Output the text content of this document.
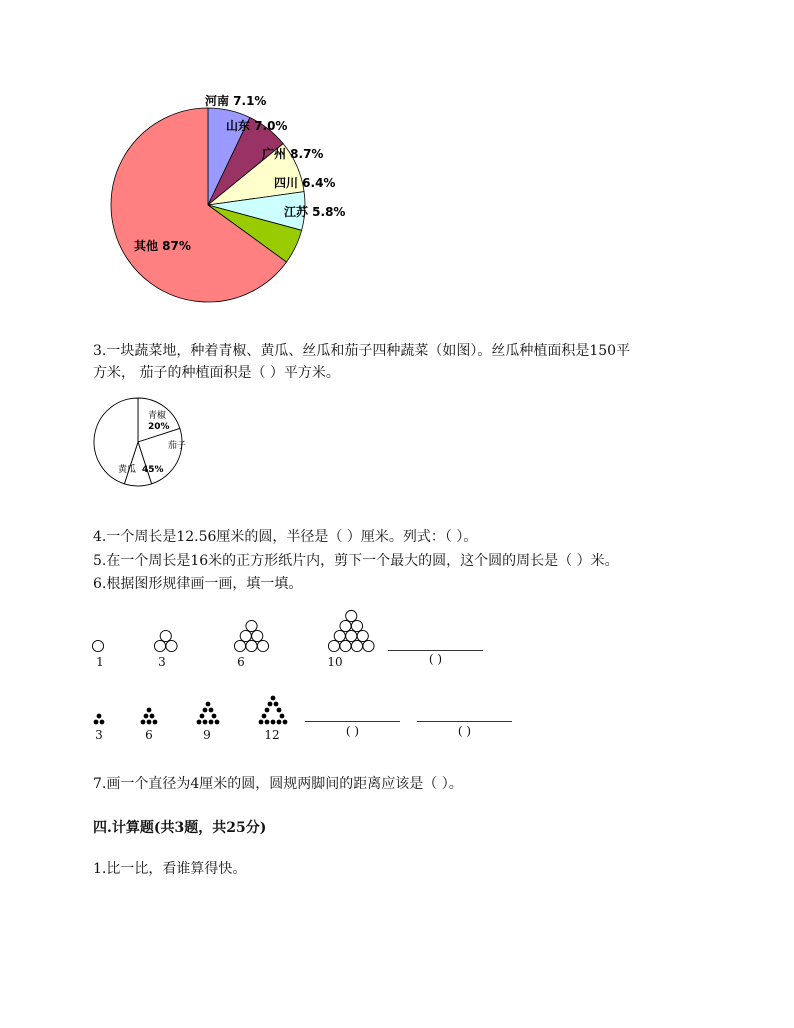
河南 7.1%
山东 7.0%
广州 8.7%
四川 6.4%
江苏 5.8%
其他 87%
3.一块蔬菜地，种着青椒、黄瓜、丝瓜和茄子四种蔬菜（如图）。丝瓜种植面积是150平
方米， 茄子的种植面积是（ ）平方米。
青椒
20%
茄子
黄瓜 45%
4.一个周长是12.56厘米的圆，半径是（ ）厘米。列式：（ ）。
5.在一个周长是16米的正方形纸片内，剪下一个最大的圆，这个圆的周长是（ ）米。
6.根据图形规律画一画，填一填。
1	3	6	10	( )
3	6	9	12	( )	( )
7.画一个直径为4厘米的圆，圆规两脚间的距离应该是（ ）。
四.计算题(共3题，共25分)
1.比一比，看谁算得快。
